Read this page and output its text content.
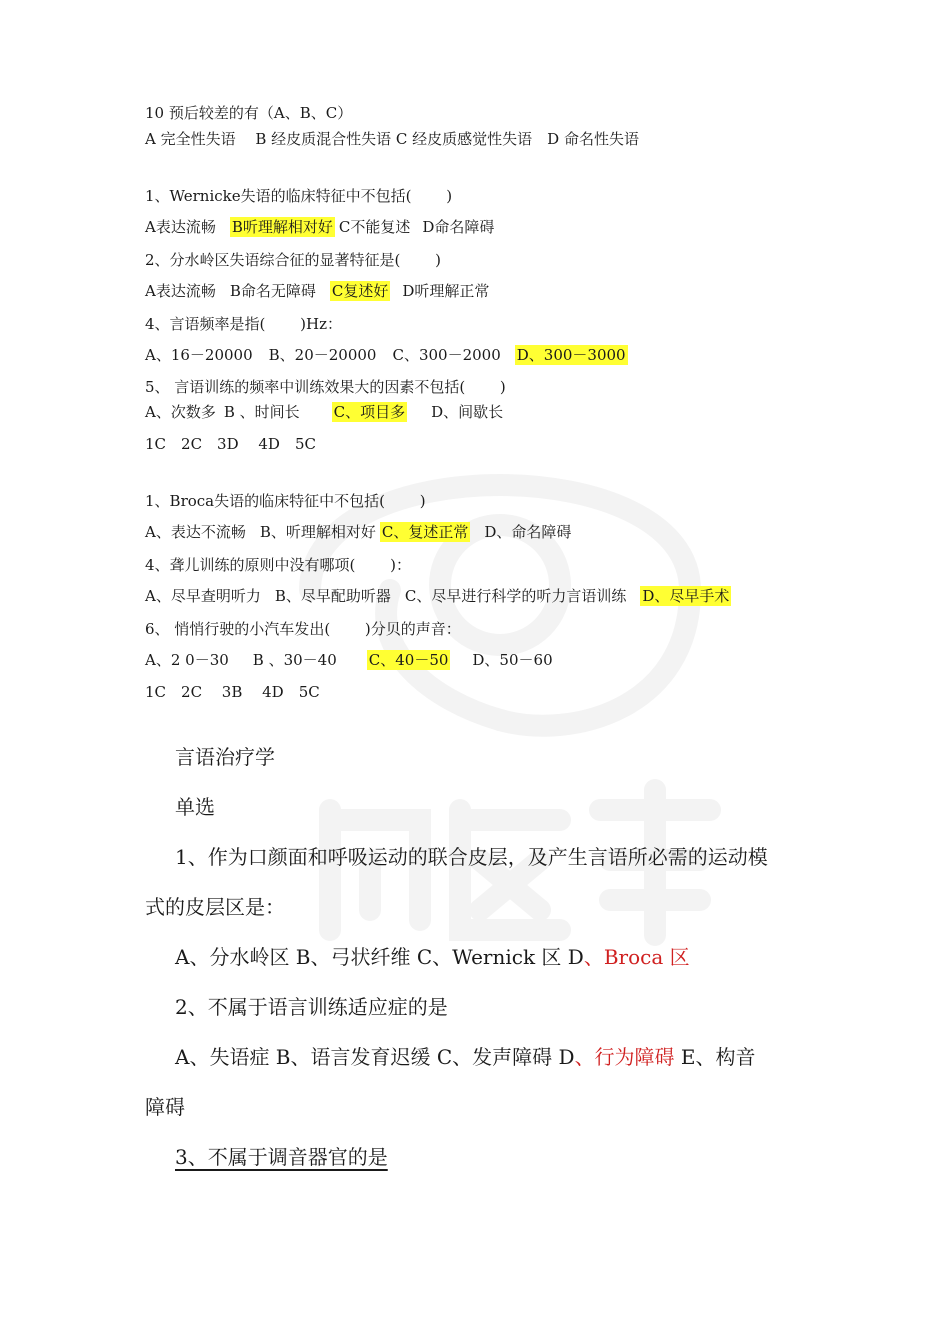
10 预后较差的有（A、B、C）
A 完全性失语　 B 经皮质混合性失语 C 经皮质感觉性失语　D 命名性失语
1、Wernicke失语的临床特征中不包括(　　 )
A表达流畅 B听理解相对好 C不能复述 D命名障碍
2、分水岭区失语综合征的显著特征是(　　 )
A表达流畅 B命名无障碍 C复述好 D听理解正常
4、言语频率是指(　　 )Hz：
A、16－20000 B、20－20000 C、300－2000 D、300－3000
5、 言语训练的频率中训练效果大的因素不包括(　　 )
A、次数多 B 、时间长 C、项目多 D、间歇长
1C　2C　3D　 4D　5C
1、Broca失语的临床特征中不包括(　　 )
A、表达不流畅 B、听理解相对好 C、复述正常 D、命名障碍
4、聋儿训练的原则中没有哪项(　　 )：
A、尽早查明听力 B、尽早配助听器 C、尽早进行科学的听力言语训练 D、尽早手术
6、 悄悄行驶的小汽车发出(　　 )分贝的声音：
A、2 0－30 B 、30－40 C、40－50 D、50－60
1C　2C　 3B　 4D　5C
言语治疗学
单选
1、作为口颜面和呼吸运动的联合皮层，及产生言语所必需的运动模
式的皮层区是：
A、分水岭区 B、弓状纤维 C、Wernick 区 D、Broca 区
2、不属于语言训练适应症的是
A、失语症 B、语言发育迟缓 C、发声障碍 D、行为障碍 E、构音
障碍
3、不属于调音器官的是
